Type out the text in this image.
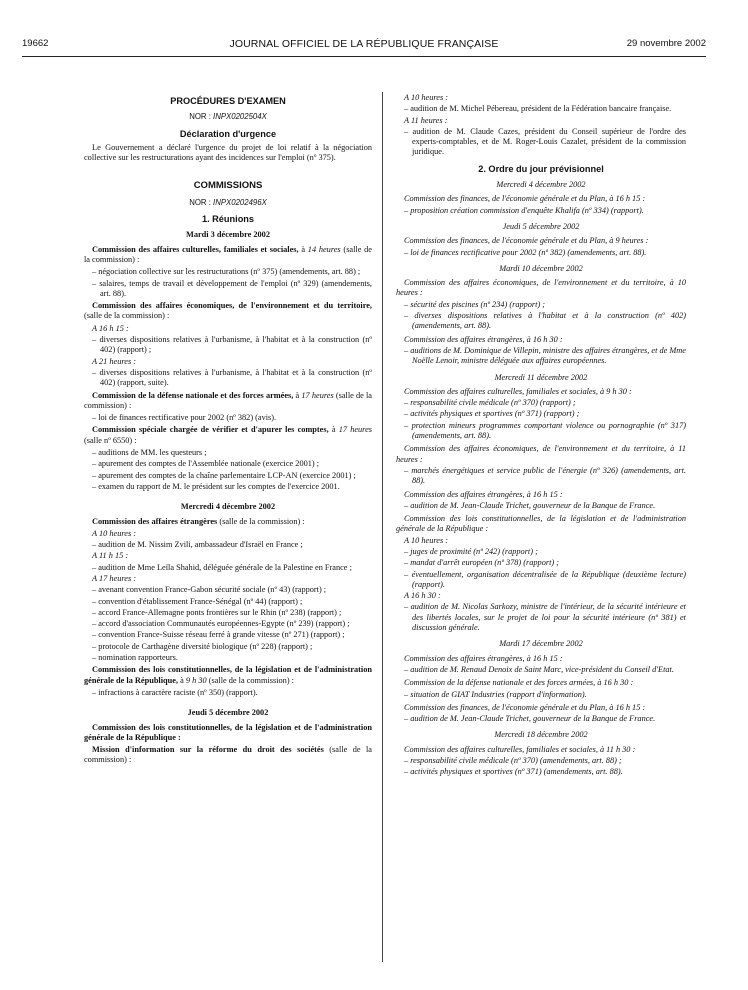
19662	JOURNAL OFFICIEL DE LA RÉPUBLIQUE FRANÇAISE	29 novembre 2002
PROCÉDURES D'EXAMEN
NOR : INPX0202504X
Déclaration d'urgence
Le Gouvernement a déclaré l'urgence du projet de loi relatif à la négociation collective sur les restructurations ayant des incidences sur l'emploi (nº 375).
COMMISSIONS
NOR : INPX0202496X
1. Réunions
Mardi 3 décembre 2002
Commission des affaires culturelles, familiales et sociales, à 14 heures (salle de la commission) :
– négociation collective sur les restructurations (nº 375) (amendements, art. 88) ;
– salaires, temps de travail et développement de l'emploi (nº 329) (amendements, art. 88).
Commission des affaires économiques, de l'environnement et du territoire, (salle de la commission) :
A 16 h 15 :
– diverses dispositions relatives à l'urbanisme, à l'habitat et à la construction (nº 402) (rapport) ;
A 21 heures :
– diverses dispositions relatives à l'urbanisme, à l'habitat et à la construction (nº 402) (rapport, suite).
Commission de la défense nationale et des forces armées, à 17 heures (salle de la commission) :
– loi de finances rectificative pour 2002 (nº 382) (avis).
Commission spéciale chargée de vérifier et d'apurer les comptes, à 17 heures (salle nº 6550) :
– auditions de MM. les questeurs ;
– apurement des comptes de l'Assemblée nationale (exercice 2001) ;
– apurement des comptes de la chaîne parlementaire LCP-AN (exercice 2001) ;
– examen du rapport de M. le président sur les comptes de l'exercice 2001.
Mercredi 4 décembre 2002
Commission des affaires étrangères (salle de la commission) :
A 10 heures :
– audition de M. Nissim Zvili, ambassadeur d'Israël en France ;
A 11 h 15 :
– audition de Mme Leïla Shahid, déléguée générale de la Palestine en France ;
A 17 heures :
– avenant convention France-Gabon sécurité sociale (nº 43) (rapport) ;
– convention d'établissement France-Sénégal (nº 44) (rapport) ;
– accord France-Allemagne ponts frontières sur le Rhin (nº 238) (rapport) ;
– accord d'association Communautés européennes-Egypte (nº 239) (rapport) ;
– convention France-Suisse réseau ferré à grande vitesse (nº 271) (rapport) ;
– protocole de Carthagène diversité biologique (nº 228) (rapport) ;
– nomination rapporteurs.
Commission des lois constitutionnelles, de la législation et de l'administration générale de la République, à 9 h 30 (salle de la commission) :
– infractions à caractère raciste (nº 350) (rapport).
Jeudi 5 décembre 2002
Commission des lois constitutionnelles, de la législation et de l'administration générale de la République :
Mission d'information sur la réforme du droit des sociétés (salle de la commission) :
A 10 heures :
– audition de M. Michel Pébereau, président de la Fédération bancaire française.
A 11 heures :
– audition de M. Claude Cazes, président du Conseil supérieur de l'ordre des experts-comptables, et de M. Roger-Louis Cazalet, président de la commission juridique.
2. Ordre du jour prévisionnel
Mercredi 4 décembre 2002
Commission des finances, de l'économie générale et du Plan, à 16 h 15 :
– proposition création commission d'enquête Khalifa (nº 334) (rapport).
Jeudi 5 décembre 2002
Commission des finances, de l'économie générale et du Plan, à 9 heures :
– loi de finances rectificative pour 2002 (nº 382) (amendements, art. 88).
Mardi 10 décembre 2002
Commission des affaires économiques, de l'environnement et du territoire, à 10 heures :
– sécurité des piscines (nº 234) (rapport) ;
– diverses dispositions relatives à l'habitat et à la construction (nº 402) (amendements, art. 88).
Commission des affaires étrangères, à 16 h 30 :
– auditions de M. Dominique de Villepin, ministre des affaires étrangères, et de Mme Noëlle Lenoir, ministre déléguée aux affaires européennes.
Mercredi 11 décembre 2002
Commission des affaires culturelles, familiales et sociales, à 9 h 30 :
– responsabilité civile médicale (nº 370) (rapport) ;
– activités physiques et sportives (nº 371) (rapport) ;
– protection mineurs programmes comportant violence ou pornographie (nº 317) (amendements, art. 88).
Commission des affaires économiques, de l'environnement et du territoire, à 11 heures :
– marchés énergétiques et service public de l'énergie (nº 326) (amendements, art. 88).
Commission des affaires étrangères, à 16 h 15 :
– audition de M. Jean-Claude Trichet, gouverneur de la Banque de France.
Commission des lois constitutionnelles, de la législation et de l'administration générale de la République :
A 10 heures :
– juges de proximité (nº 242) (rapport) ;
– mandat d'arrêt européen (nº 378) (rapport) ;
– éventuellement, organisation décentralisée de la République (deuxième lecture) (rapport).
A 16 h 30 :
– audition de M. Nicolas Sarkozy, ministre de l'intérieur, de la sécurité intérieure et des libertés locales, sur le projet de loi pour la sécurité intérieure (nº 381) et discussion générale.
Mardi 17 décembre 2002
Commission des affaires étrangères, à 16 h 15 :
– audition de M. Renaud Denoix de Saint Marc, vice-président du Conseil d'Etat.
Commission de la défense nationale et des forces armées, à 16 h 30 :
– situation de GIAT Industries (rapport d'information).
Commission des finances, de l'économie générale et du Plan, à 16 h 15 :
– audition de M. Jean-Claude Trichet, gouverneur de la Banque de France.
Mercredi 18 décembre 2002
Commission des affaires culturelles, familiales et sociales, à 11 h 30 :
– responsabilité civile médicale (nº 370) (amendements, art. 88) ;
– activités physiques et sportives (nº 371) (amendements, art. 88).
